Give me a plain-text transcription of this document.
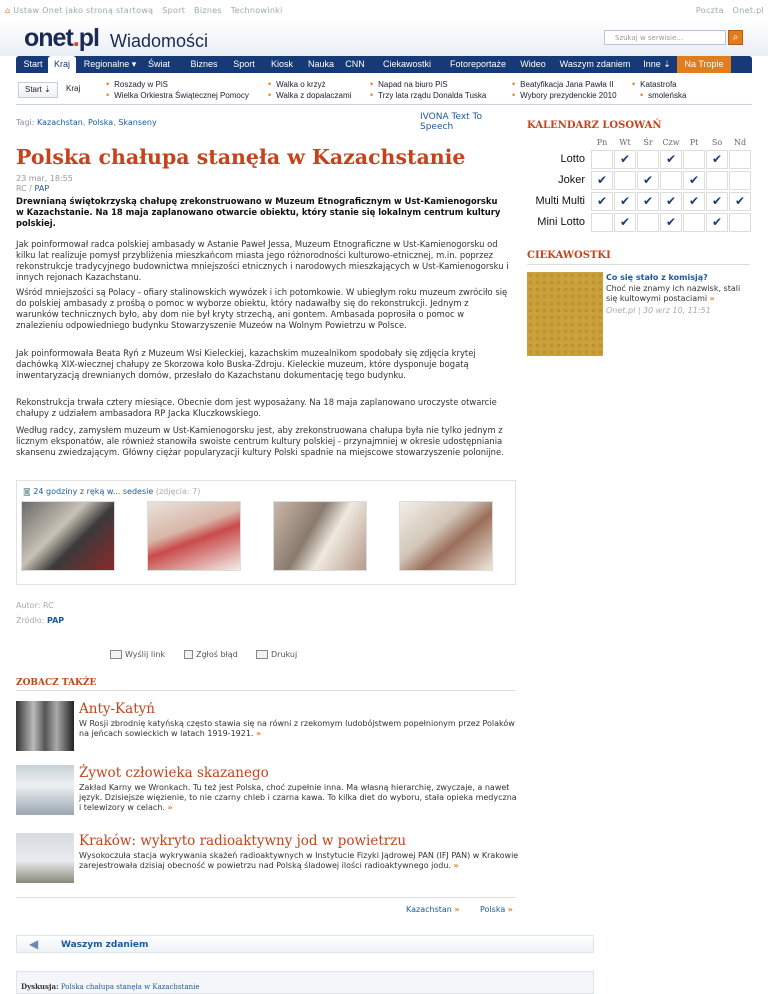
⌂ Ustaw Onet jako stroną startową Sport Biznes Technowinki	Poczta Onet.pl
onet.pl Wiadomości	Szukaj w serwisie...	⌕
Start	Kraj	Regionalne ▾	Świat	Biznes	Sport	Kiosk	Nauka	CNN	Ciekawostki	Fotoreportaże	Wideo	Waszym zdaniem	Inne ⇣	Na Tropie
Start ⇣	Kraj
•	Roszady w PiS
• Wielka Orkiestra Świątecznej Pomocy
• Walka o krzyż
• Walka z dopalaczami
• Napad na biuro PiS
• Trzy lata rządu Donalda Tuska
• Beatyfikacja Jana Pawła II
• Wybory prezydenckie 2010
• Katastrofa
• smoleńska
Tagi: Kazachstan, Polska, Skanseny
IVONA Text To Speech
Polska chałupa stanęła w Kazachstanie
23 mar, 18:55
RC / PAP

Drewnianą świętokrzyską chałupę zrekonstruowano w Muzeum Etnograficznym w Ust-Kamienogorsku w Kazachstanie. Na 18 maja zaplanowano otwarcie obiektu, który stanie się lokalnym centrum kultury polskiej.

Jak poinformował radca polskiej ambasady w Astanie Paweł Jessa, Muzeum Etnograficzne w Ust-Kamienogorsku od kilku lat realizuje pomysł przybliżenia mieszkańcom miasta jego różnorodności kulturowo-etnicznej, m.in. poprzez rekonstrukcje tradycyjnego budownictwa mniejszości etnicznych i narodowych mieszkających w Ust-Kamienogorsku i innych rejonach Kazachstanu.

Wśród mniejszości są Polacy - ofiary stalinowskich wywózek i ich potomkowie. W ubiegłym roku muzeum zwróciło się do polskiej ambasady z prośbą o pomoc w wyborze obiektu, który nadawałby się do rekonstrukcji. Jednym z warunków technicznych było, aby dom nie był kryty strzechą, ani gontem. Ambasada poprosiła o pomoc w znalezieniu odpowiedniego budynku Stowarzyszenie Muzeów na Wolnym Powietrzu w Polsce.

Jak poinformowała Beata Ryń z Muzeum Wsi Kieleckiej, kazachskim muzealnikom spodobały się zdjęcia krytej dachówką XIX-wiecznej chałupy ze Skorzowa koło Buska-Zdroju. Kieleckie muzeum, które dysponuje bogatą inwentaryzacją drewnianych domów, przesłało do Kazachstanu dokumentację tego budynku.

Rekonstrukcja trwała cztery miesiące. Obecnie dom jest wyposażany. Na 18 maja zaplanowano uroczyste otwarcie chałupy z udziałem ambasadora RP Jacka Kluczkowskiego.

Według radcy, zamysłem muzeum w Ust-Kamienogorsku jest, aby zrekonstruowana chałupa była nie tylko jednym z licznym eksponatów, ale również stanowiła swoiste centrum kultury polskiej - przynajmniej w okresie udostępniania skansenu zwiedzającym. Główny ciężar popularyzacji kultury Polski spadnie na miejscowe stowarzyszenie polonijne.

◙ 24 godziny z ręką w... sedesie (zdjęcia: 7)
Autor: RC
Źródło: PAP
Wyślij link	Zgłoś błąd	Drukuj
ZOBACZ TAKŻE
Anty-Katyń
W Rosji zbrodnię katyńską często stawia się na równi z rzekomym ludobójstwem popełnionym przez Polaków na jeńcach sowieckich w latach 1919-1921. »
Żywot człowieka skazanego
Zakład Karny we Wronkach. Tu też jest Polska, choć zupełnie inna. Ma własną hierarchię, zwyczaje, a nawet język. Dzisiejsze więzienie, to nie czarny chleb i czarna kawa. To kilka diet do wyboru, stała opieka medyczna i telewizory w celach. »
Kraków: wykryto radioaktywny jod w powietrzu
Wysokoczuła stacja wykrywania skażeń radioaktywnych w Instytucie Fizyki Jądrowej PAN (IFJ PAN) w Krakowie zarejestrowała dzisiaj obecność w powietrzu nad Polską śladowej ilości radioaktywnego jodu. »
Kazachstan »	Polska »
◀	Waszym zdaniem
Dyskusja: Polska chałupa stanęła w Kazachstanie
KALENDARZ LOSOWAŃ
Pn	Wt	Śr	Czw	Pt	So	Nd
Lotto	✔	✔	✔
Joker ✔	✔	✔
Multi Multi ✔	✔	✔	✔	✔	✔	✔
Mini Lotto	✔	✔	✔
CIEKAWOSTKI
Co się stało z komisją?
Choć nie znamy ich nazwisk, stali się kultowymi postaciami »
Onet.pl | 30 wrz 10, 11:51
